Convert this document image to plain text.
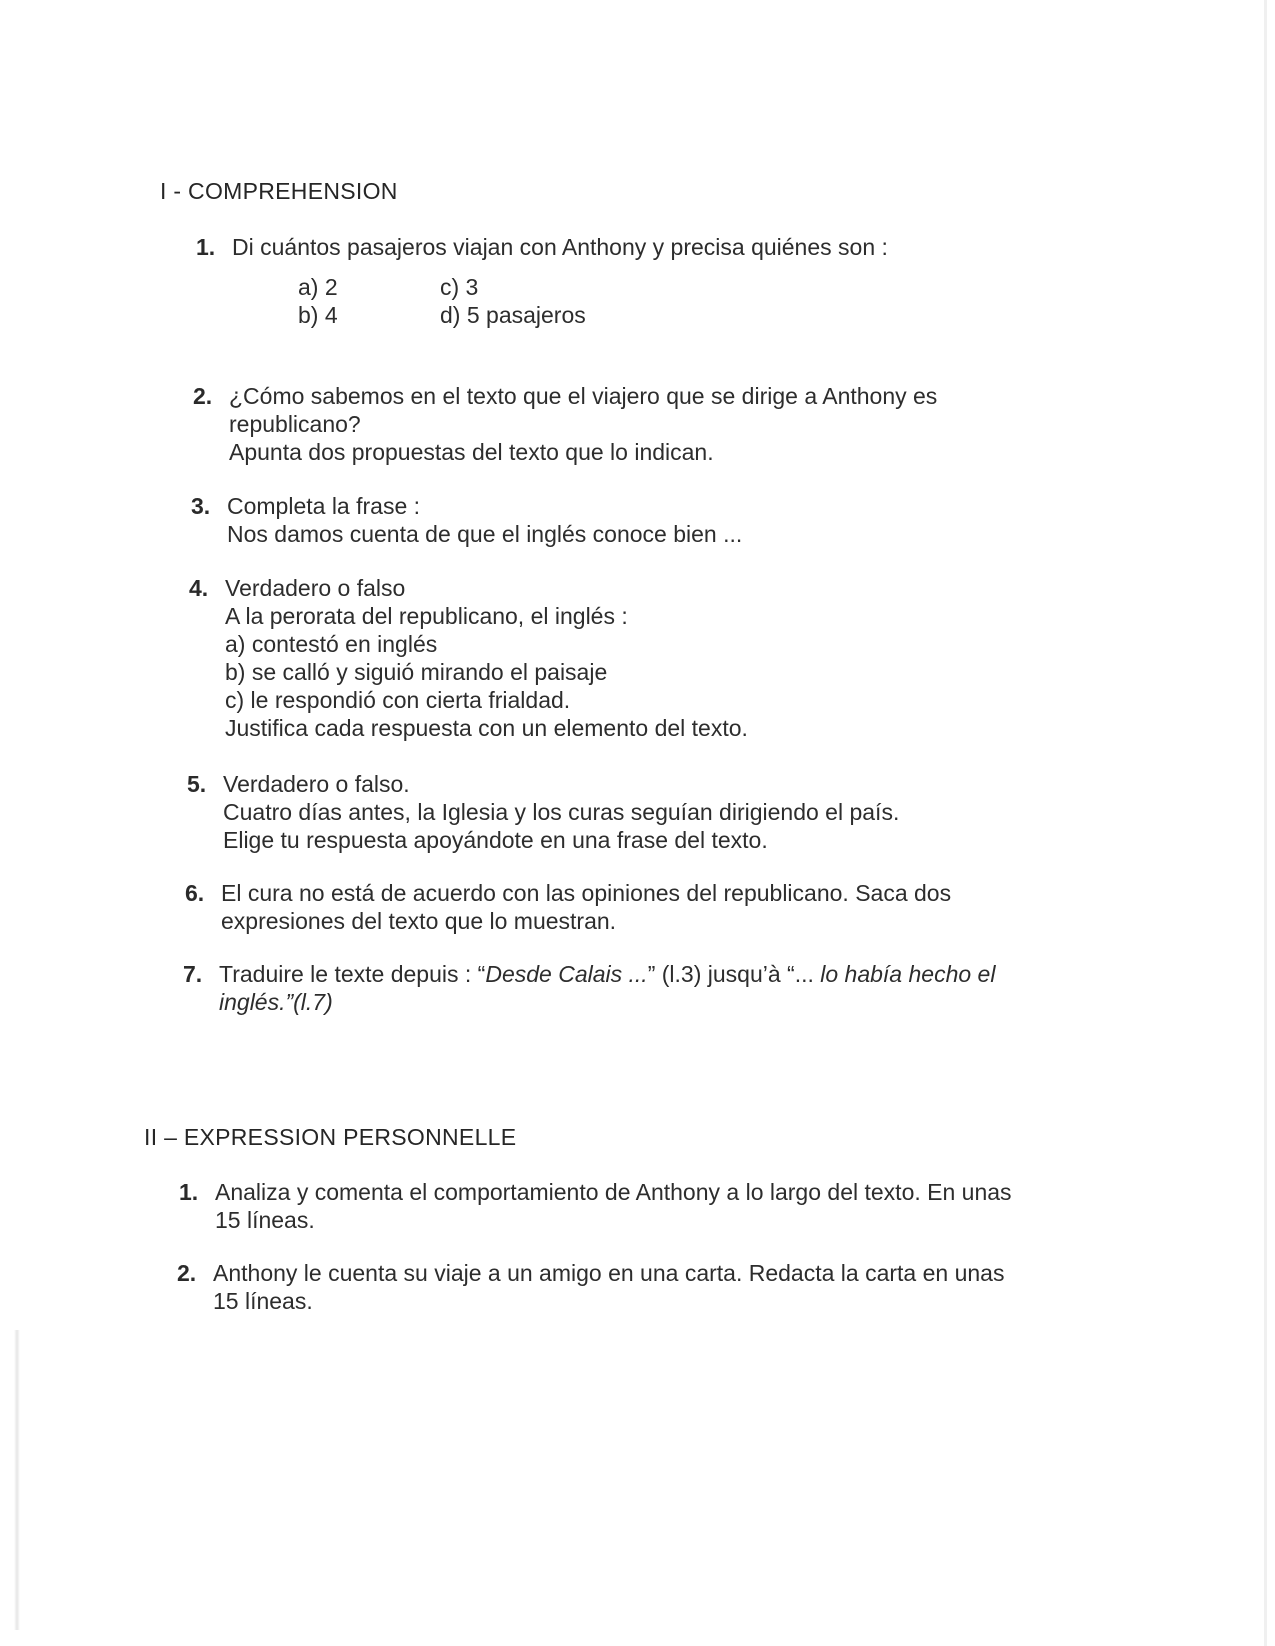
I - COMPREHENSION
1. Di cuántos pasajeros viajan con Anthony y precisa quiénes son :
a) 2	c) 3
b) 4	d) 5 pasajeros
2. ¿Cómo sabemos en el texto que el viajero que se dirige a Anthony es
republicano?
Apunta dos propuestas del texto que lo indican.
3. Completa la frase :
Nos damos cuenta de que el inglés conoce bien ...
4. Verdadero o falso
A la perorata del republicano, el inglés :
a) contestó en inglés
b) se calló y siguió mirando el paisaje
c) le respondió con cierta frialdad.
Justifica cada respuesta con un elemento del texto.
5. Verdadero o falso.
Cuatro días antes, la Iglesia y los curas seguían dirigiendo el país.
Elige tu respuesta apoyándote en una frase del texto.
6. El cura no está de acuerdo con las opiniones del republicano. Saca dos
expresiones del texto que lo muestran.
7. Traduire le texte depuis : “Desde Calais ...” (l.3) jusqu’à “... lo había hecho el
inglés.”(l.7)
II – EXPRESSION PERSONNELLE
1. Analiza y comenta el comportamiento de Anthony a lo largo del texto. En unas
15 líneas.
2. Anthony le cuenta su viaje a un amigo en una carta. Redacta la carta en unas
15 líneas.
